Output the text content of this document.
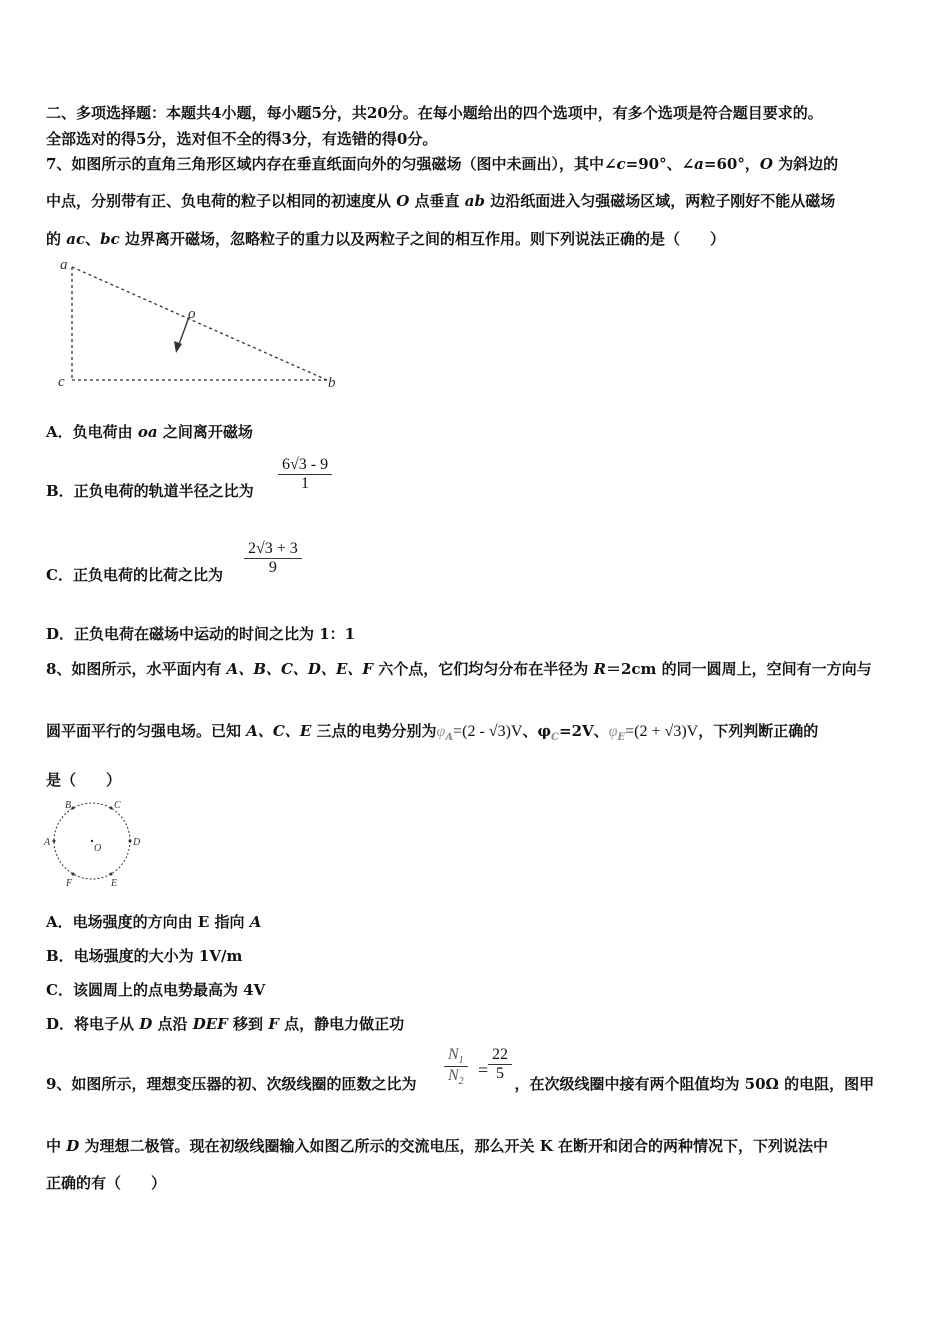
二、多项选择题：本题共4小题，每小题5分，共20分。在每小题给出的四个选项中，有多个选项是符合题目要求的。
全部选对的得5分，选对但不全的得3分，有选错的得0分。
7、如图所示的直角三角形区域内存在垂直纸面向外的匀强磁场（图中未画出），其中∠c=90°、∠a=60°，O 为斜边的
中点，分别带有正、负电荷的粒子以相同的初速度从 O 点垂直 ab 边沿纸面进入匀强磁场区域，两粒子刚好不能从磁场
的 ac、bc 边界离开磁场，忽略粒子的重力以及两粒子之间的相互作用。则下列说法正确的是（　　）
a
o
c	b
A．负电荷由 oa 之间离开磁场
B．正负电荷的轨道半径之比为
6√3 - 9
1
C．正负电荷的比荷之比为
2√3 + 3
9
D．正负电荷在磁场中运动的时间之比为 1：1
8、如图所示，水平面内有 A、B、C、D、E、F 六个点，它们均匀分布在半径为 R＝2cm 的同一圆周上，空间有一方向与
圆平面平行的匀强电场。已知 A、C、E 三点的电势分别为$\varphi_A=(2 - √3)V$、$\varphi_C=2V$、$\varphi_E=(2 + √3)V$，下列判断正确的
是（　　）
B	C
A	D
F	E
O
A．电场强度的方向由 E 指向 A
B．电场强度的大小为 1V/m
C．该圆周上的点电势最高为 4V
D．将电子从 D 点沿 DEF 移到 F 点，静电力做正功
9、如图所示，理想变压器的初、次级线圈的匝数之比为	，在次级线圈中接有两个阻值均为 50Ω 的电阻，图甲
$N_1$
$N_2$
=
22
5
中 D 为理想二极管。现在初级线圈输入如图乙所示的交流电压，那么开关 K 在断开和闭合的两种情况下，下列说法中
正确的有（　　）
